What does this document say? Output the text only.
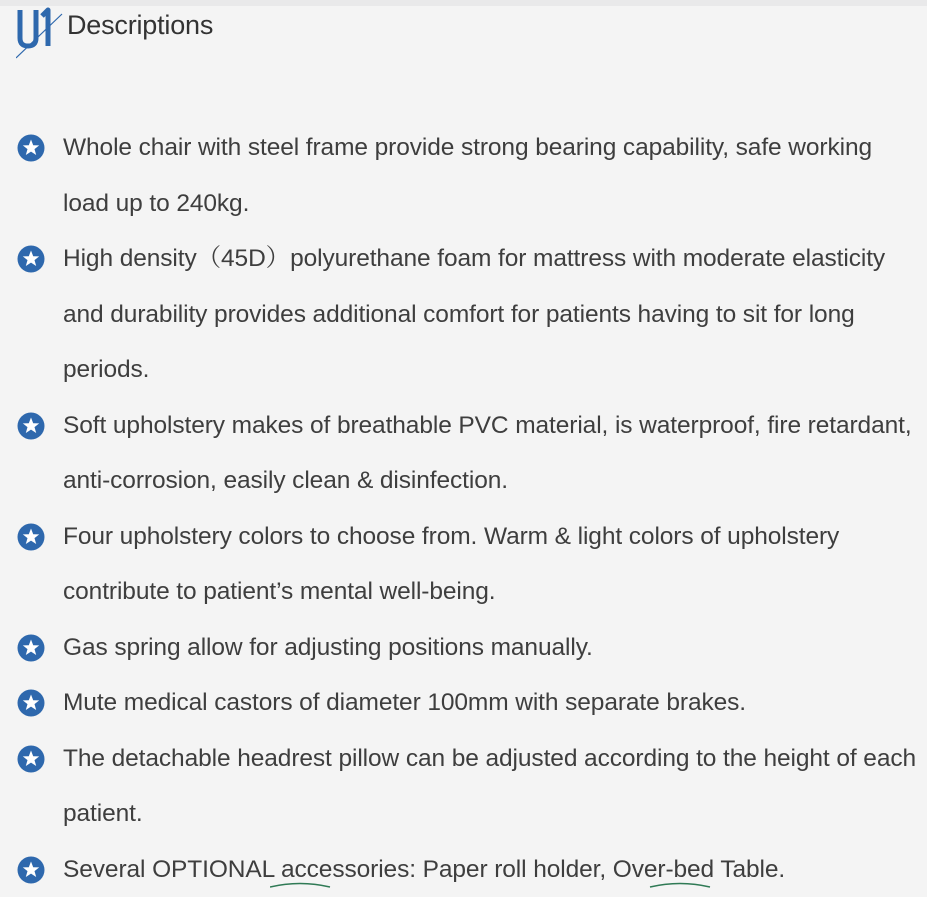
Descriptions
Whole chair with steel frame provide strong bearing capability, safe working load up to 240kg.
High density（45D）polyurethane foam for mattress with moderate elasticity and durability provides additional comfort for patients having to sit for long periods.
Soft upholstery makes of breathable PVC material, is waterproof, fire retardant, anti-corrosion, easily clean & disinfection.
Four upholstery colors to choose from. Warm & light colors of upholstery contribute to patient’s mental well-being.
Gas spring allow for adjusting positions manually.
Mute medical castors of diameter 100mm with separate brakes.
The detachable headrest pillow can be adjusted according to the height of each patient.
Several OPTIONAL accessories: Paper roll holder, Over-bed Table.
